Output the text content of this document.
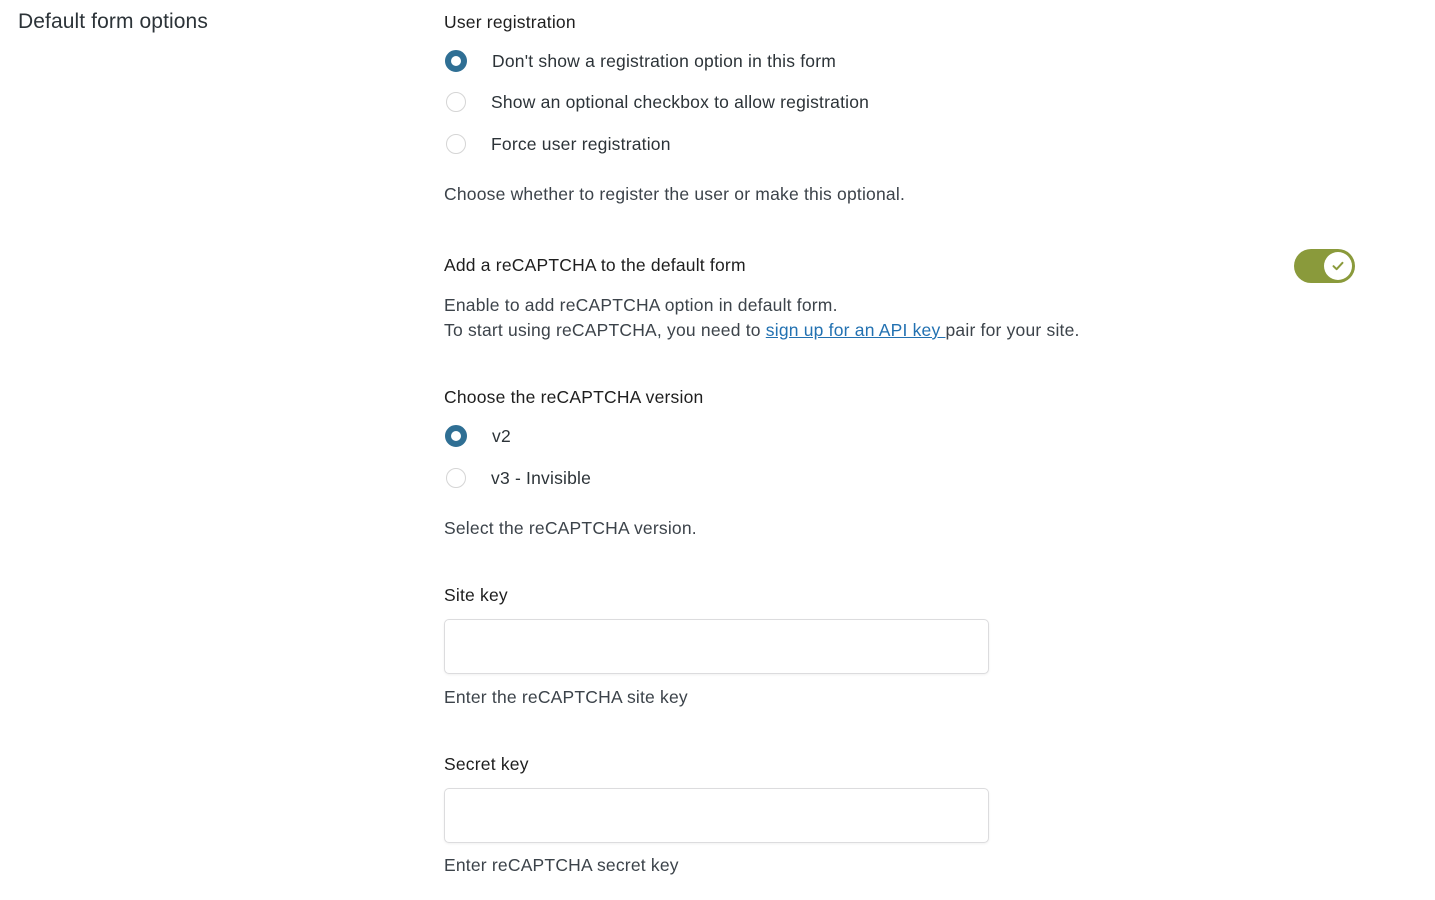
Default form options	User registration
Don't show a registration option in this form
Show an optional checkbox to allow registration
Force user registration
Choose whether to register the user or make this optional.
Add a reCAPTCHA to the default form
Enable to add reCAPTCHA option in default form.
To start using reCAPTCHA, you need to sign up for an API key pair for your site.
Choose the reCAPTCHA version
v2
v3 - Invisible
Select the reCAPTCHA version.
Site key
Enter the reCAPTCHA site key
Secret key
Enter reCAPTCHA secret key
